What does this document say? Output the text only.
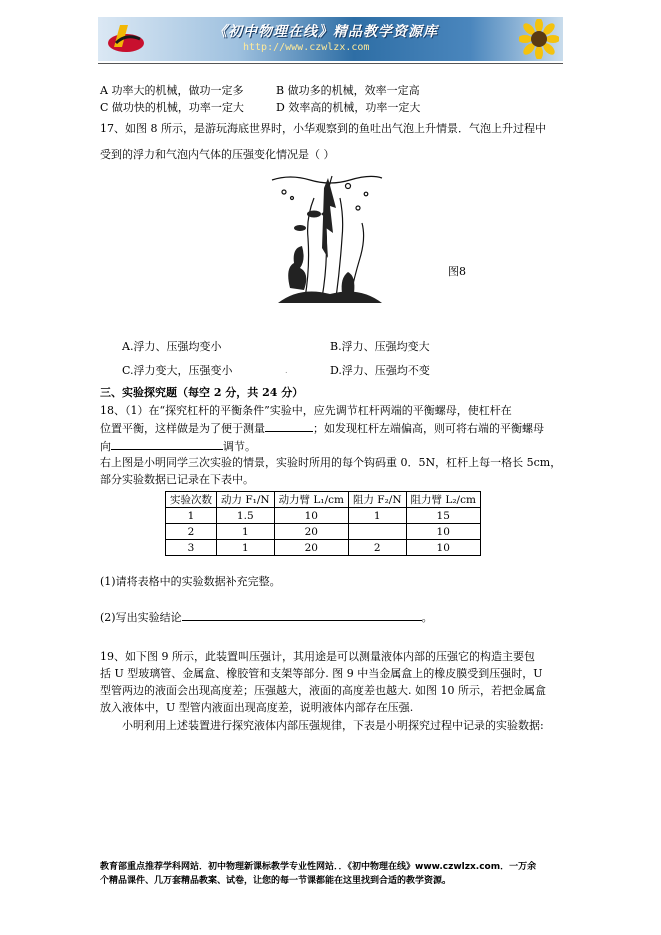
《初中物理在线》精品教学资源库
http://www.czwlzx.com
A 功率大的机械，做功一定多	B 做功多的机械，效率一定高
C 做功快的机械，功率一定大	D 效率高的机械，功率一定大
17、如图 8 所示，是游玩海底世界时，小华观察到的鱼吐出气泡上升情景．气泡上升过程中
受到的浮力和气泡内气体的压强变化情况是（ ）
图8
A.浮力、压强均变小	B.浮力、压强均变大
C.浮力变大，压强变小	.	D.浮力、压强均不变
三、实验探究题（每空 2 分，共 24 分）
18、（1）在“探究杠杆的平衡条件”实验中，应先调节杠杆两端的平衡螺母，使杠杆在
位置平衡，这样做是为了便于测量	；如发现杠杆左端偏高，则可将右端的平衡螺母
向	调节。
右上图是小明同学三次实验的情景，实验时所用的每个钩码重 0．5N，杠杆上每一格长 5cm，
部分实验数据已记录在下表中。
实验次数	动力 F₁/N	动力臂 L₁/cm	阻力 F₂/N	阻力臂 L₂/cm
1	1.5	10	1	15
2	1	20		10
3	1	20	2	10
(1)请将表格中的实验数据补充完整。
(2)写出实验结论	。
19、如下图 9 所示，此装置叫压强计，其用途是可以测量液体内部的压强它的构造主要包
括 U 型玻璃管、金属盒、橡胶管和支架等部分. 图 9 中当金属盒上的橡皮膜受到压强时，U
型管两边的液面会出现高度差；压强越大，液面的高度差也越大. 如图 10 所示，若把金属盒
放入液体中，U 型管内液面出现高度差，说明液体内部存在压强.
小明利用上述装置进行探究液体内部压强规律，下表是小明探究过程中记录的实验数据:
教育部重点推荐学科网站．初中物理新课标教学专业性网站．．《初中物理在线》www.czwlzx.com．一万余
个精品课件、几万套精品教案、试卷，让您的每一节课都能在这里找到合适的教学资源。
